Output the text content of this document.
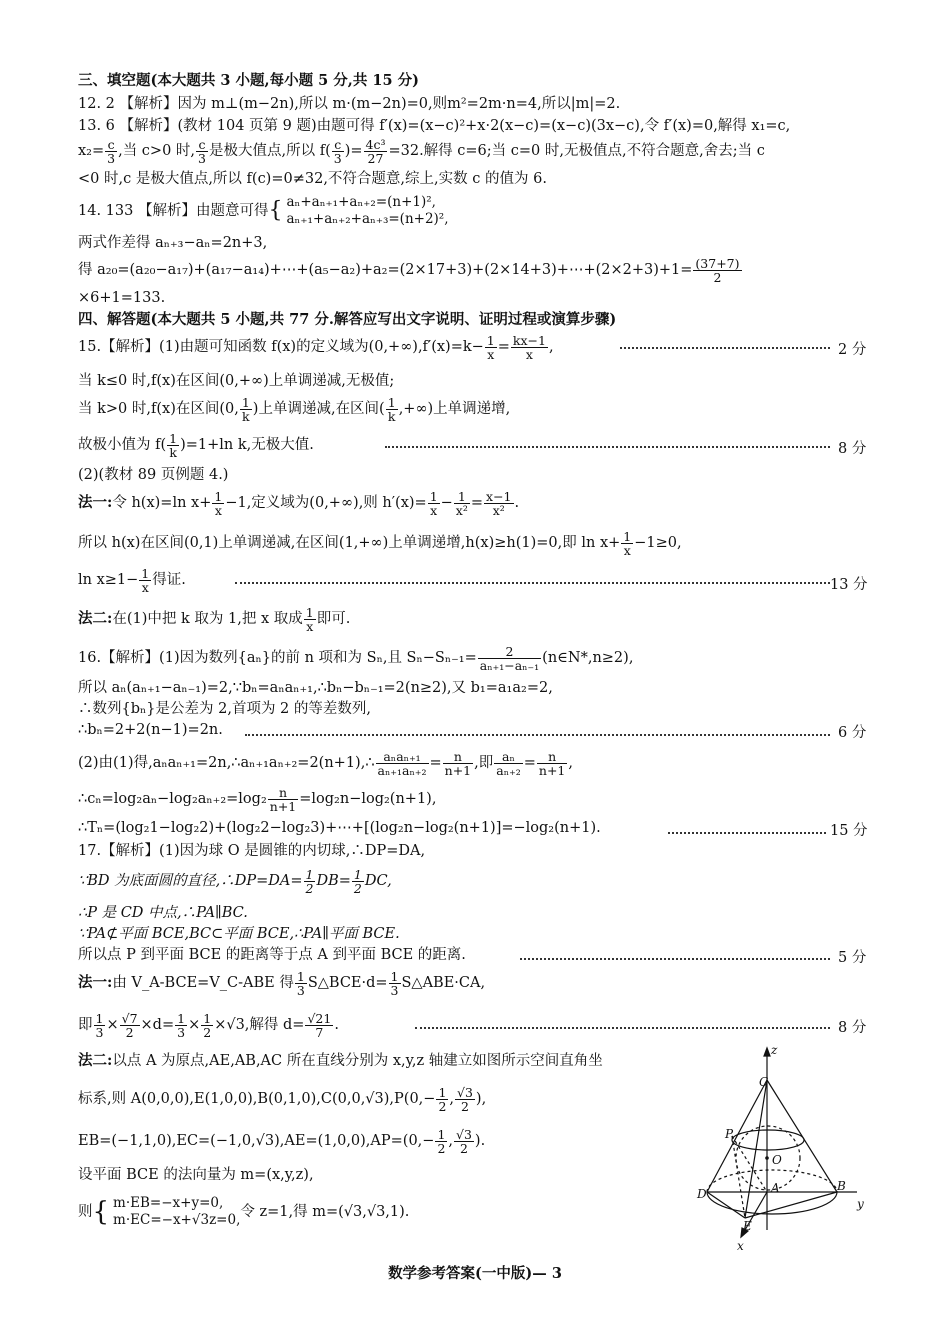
三、填空题(本大题共 3 小题,每小题 5 分,共 15 分)
12. 2 【解析】因为 m⊥(m−2n),所以 m·(m−2n)=0,则m²=2m·n=4,所以|m|=2.
13. 6 【解析】(教材 104 页第 9 题)由题可得 f′(x)=(x−c)²+x·2(x−c)=(x−c)(3x−c),令 f′(x)=0,解得 x₁=c,
$x_2= \frac{c}{3}$ ,当 c>0 时, $\frac{c}{3}$ 是极大值点,所以 $f( \frac{c}{3}$ )= $\frac{\text{4c³}}{27} =32$.解得 c=6;当 c=0 时,无极值点,不符合题意,舍去;当 c
<0 时,c 是极大值点,所以 f(c)=0≠32,不符合题意,综上,实数 c 的值为 6.
14. 133 【解析】由题意可得{ aₙ+aₙ₊₁+aₙ₊₂=(n+1)²,
aₙ₊₁+aₙ₊₂+aₙ₊₃=(n+2)²,
两式作差得 aₙ₊₃−aₙ=2n+3,
得 a₂₀=(a₂₀−a₁₇)+(a₁₇−a₁₄)+⋯+(a₅−a₂)+a₂=(2×17+3)+(2×14+3)+⋯+(2×2+3)+1= $\frac{(37+7)}{2}$
×6+1=133.
四、解答题(本大题共 5 小题,共 77 分.解答应写出文字说明、证明过程或演算步骤)
15.【解析】(1)由题可知函数 f(x)的定义域为$(0,+\infty),f'(x)=k- \frac{1}{x} = \frac{kx-1}{x}$ ,	2 分
当 k≤0 时,f(x)在区间(0,+∞)上单调递减,无极值;
当 k>0 时,f(x)在区间(0, $\frac{1}{k}$ )上单调递减,在区间( $\frac{1}{k}$ ,+∞)上单调递增,
故极小值为 $f( \frac{1}{k} )=1+\ln$ k,无极大值.	8 分
(2)(教材 89 页例题 4.)
法一:令 h(x)=ln $x+ \frac{1}{x} -1$,定义域为(0,+∞),则 $h'(x)= \frac{1}{x} - \frac{1}{\text{x²}} = \frac{x-1}{\text{x²}}$ .
所以 h(x)在区间(0,1)上单调递减,在区间(1,+∞)上单调递增,h(x)≥h(1)=0,即 $\ln x+ \frac{1}{x} -1\ge 0$,
$\ln x\ge 1- \frac{1}{x}$ 得证.	13 分
法二:在(1)中把 k 取为 1,把 x 取成 $\frac{1}{x}$ 即可.
16.【解析】(1)因为数列{aₙ}的前 n 项和为 Sₙ,且 $S_n-S_{n-1}= \frac{2}{\text{aₙ₊₁−aₙ₋₁}}$ (n∈N*,n≥2),
所以 aₙ(aₙ₊₁−aₙ₋₁)=2,∵bₙ=aₙaₙ₊₁,∴bₙ−bₙ₋₁=2(n≥2),又 b₁=a₁a₂=2,
∴数列{bₙ}是公差为 2,首项为 2 的等差数列,
∴bₙ=2+2(n−1)=2n.	6 分
(2)由(1)得,aₙaₙ₊₁=2n,∴aₙ₊₁aₙ₊₂=2(n+1),∴ $\frac{\text{aₙaₙ₊₁}}{\text{aₙ₊₁aₙ₊₂}} = \frac{n}{n+1}$ ,即 $\frac{\text{aₙ}}{\text{aₙ₊₂}} = \frac{n}{n+1}$ ,
∴cₙ=log₂aₙ−log₂aₙ₊₂=log₂ $\frac{n}{n+1} =\log_2n-\log_2(n+1)$,
∴Tₙ=(log₂1−log₂2)+(log₂2−log₂3)+⋯+[(log₂n−log₂(n+1)]=−log₂(n+1).	15 分
17.【解析】(1)因为球 O 是圆锥的内切球,∴DP=DA,
∵BD 为底面圆的直径,∴DP=DA= $\frac{1}{2} DB= \frac{1}{2}$ DC,
∴P 是 CD 中点,∴PA∥BC.
∵PA⊄平面 BCE,BC⊂平面 BCE,∴PA∥平面 BCE.
所以点 P 到平面 BCE 的距离等于点 A 到平面 BCE 的距离.	5 分
法一:由 V_A-BCE=V_C-ABE 得 $\frac{1}{3}$ S△BCE·d= $\frac{1}{3}$ S△ABE·CA,
即 $\frac{1}{3} \times \frac{√7}{2} \times d= \frac{1}{3} \times \frac{1}{2} \times√3$,解得 $d= \frac{√21}{7}$ .	8 分
法二:以点 A 为原点,AE,AB,AC 所在直线分别为 x,y,z 轴建立如图所示空间直角坐
标系,则 $A(0,0,0),E(1,0,0),B(0,1,0),C(0,0,√3),P(0,- \frac{1}{2}$ , $\frac{√3}{2}$ ),
$EB=(-1,1,0),EC=(-1,0,√3),AE=(1,0,0),AP=(0,- \frac{1}{2}$ , $\frac{√3}{2}$ ).
设平面 BCE 的法向量为 m=(x,y,z),
则{ m·EB=−x+y=0,
m·EC=−x+√3z=0, 令 z=1,得 m=(√3,√3,1).
z
C
P
O
D	A	B
E
y
x
数学参考答案(一中版)— 3
